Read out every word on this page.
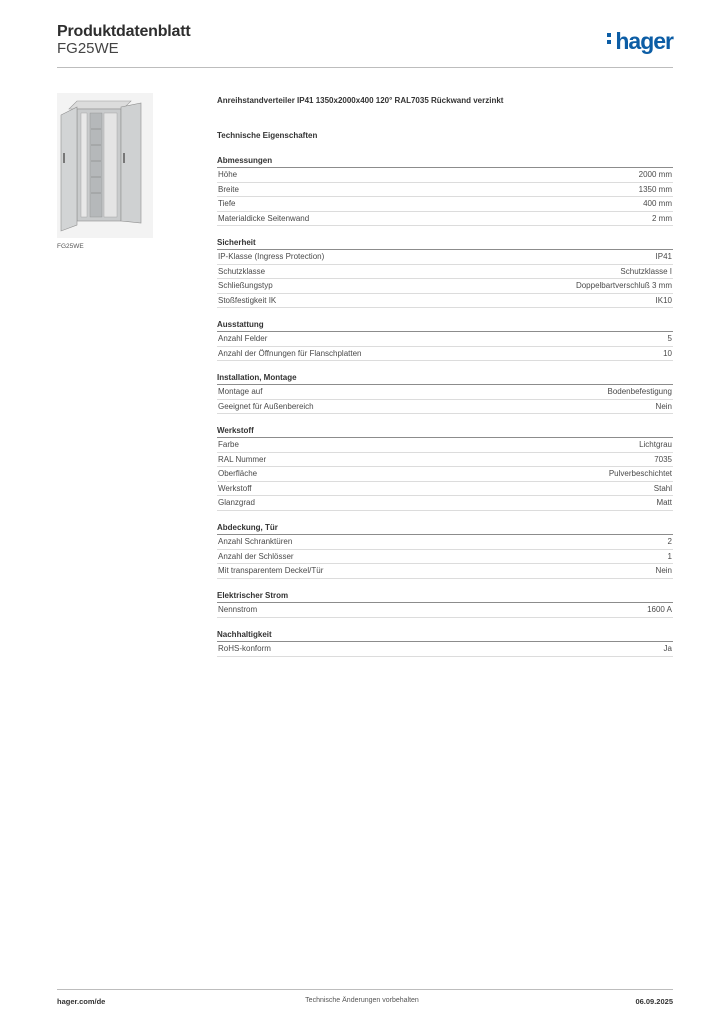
Produktdatenblatt
FG25WE	hager
FG25WE
Anreihstandverteiler IP41 1350x2000x400 120° RAL7035 Rückwand verzinkt
Technische Eigenschaften
Abmessungen
Höhe	2000 mm
Breite	1350 mm
Tiefe	400 mm
Materialdicke Seitenwand	2 mm
Sicherheit
IP-Klasse (Ingress Protection)	IP41
Schutzklasse	Schutzklasse I
Schließungstyp	Doppelbartverschluß 3 mm
Stoßfestigkeit IK	IK10
Ausstattung
Anzahl Felder	5
Anzahl der Öffnungen für Flanschplatten	10
Installation, Montage
Montage auf	Bodenbefestigung
Geeignet für Außenbereich	Nein
Werkstoff
Farbe	Lichtgrau
RAL Nummer	7035
Oberfläche	Pulverbeschichtet
Werkstoff	Stahl
Glanzgrad	Matt
Abdeckung, Tür
Anzahl Schranktüren	2
Anzahl der Schlösser	1
Mit transparentem Deckel/Tür	Nein
Elektrischer Strom
Nennstrom	1600 A
Nachhaltigkeit
RoHS-konform	Ja
hager.com/de	Technische Änderungen vorbehalten	06.09.2025
